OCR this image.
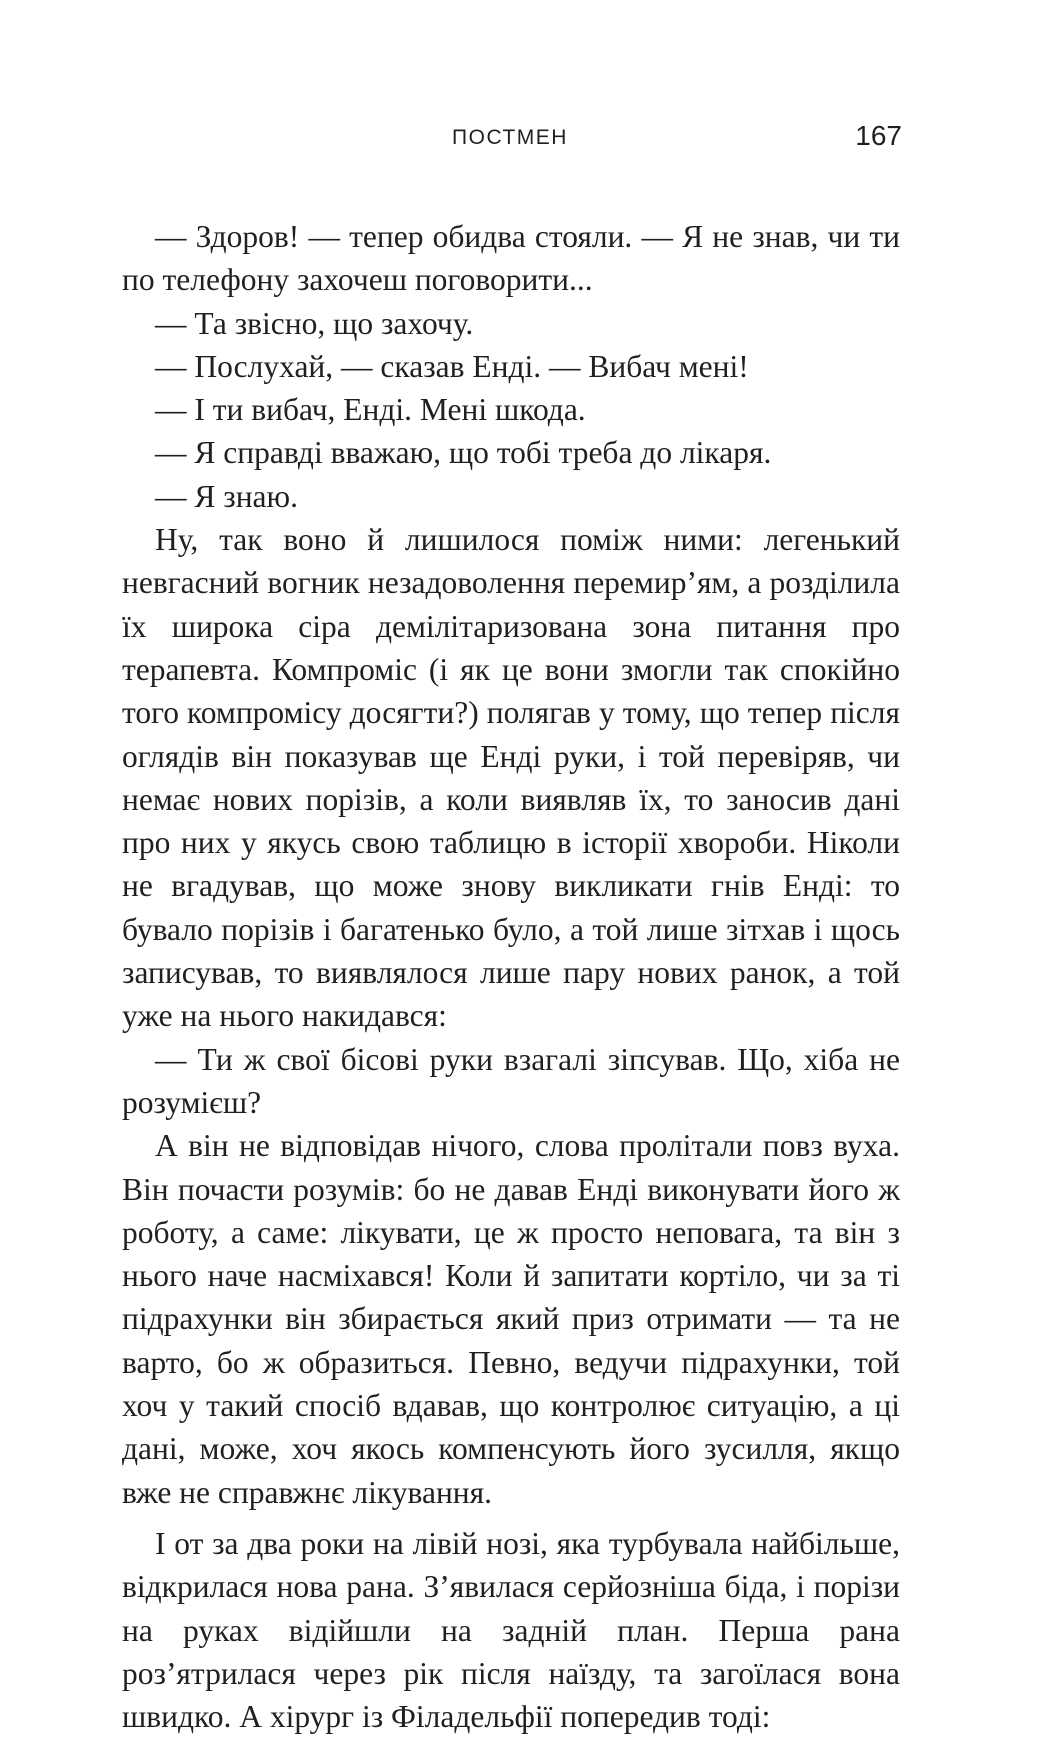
ПОСТМЕН	167

— Здоров! — тепер обидва стояли. — Я не знав, чи ти по телефону захочеш поговорити...

— Та звісно, що захочу.

— Послухай, — сказав Енді. — Вибач мені!

— І ти вибач, Енді. Мені шкода.

— Я справді вважаю, що тобі треба до лікаря.

— Я знаю.

Ну, так воно й лишилося поміж ними: легенький невгасний вогник незадоволення перемир’ям, а розділила їх широка сіра демілітаризована зона питання про терапевта. Компроміс (і як це вони змогли так спокійно того компромісу досягти?) полягав у тому, що тепер після оглядів він показував ще Енді руки, і той перевіряв, чи немає нових порізів, а коли виявляв їх, то заносив дані про них у якусь свою таблицю в історії хвороби. Ніколи не вгадував, що може знову викликати гнів Енді: то бувало порізів і багатенько було, а той лише зітхав і щось записував, то виявлялося лише пару нових ранок, а той уже на нього накидався:

— Ти ж свої бісові руки взагалі зіпсував. Що, хіба не розумієш?

А він не відповідав нічого, слова пролітали повз вуха. Він почасти розумів: бо не давав Енді виконувати його ж роботу, а саме: лікувати, це ж просто неповага, та він з нього наче насміхався! Коли й запитати кортіло, чи за ті підрахунки він збирається який приз отримати — та не варто, бо ж образиться. Певно, ведучи підрахунки, той хоч у такий спосіб вдавав, що контролює ситуацію, а ці дані, може, хоч якось компенсують його зусилля, якщо вже не справжнє лікування.

І от за два роки на лівій нозі, яка турбувала найбільше, відкрилася нова рана. З’явилася серйозніша біда, і порізи на руках відійшли на задній план. Перша рана роз’ятрилася через рік після наїзду, та загоїлася вона швидко. А хірург із Філадельфії попередив тоді:
